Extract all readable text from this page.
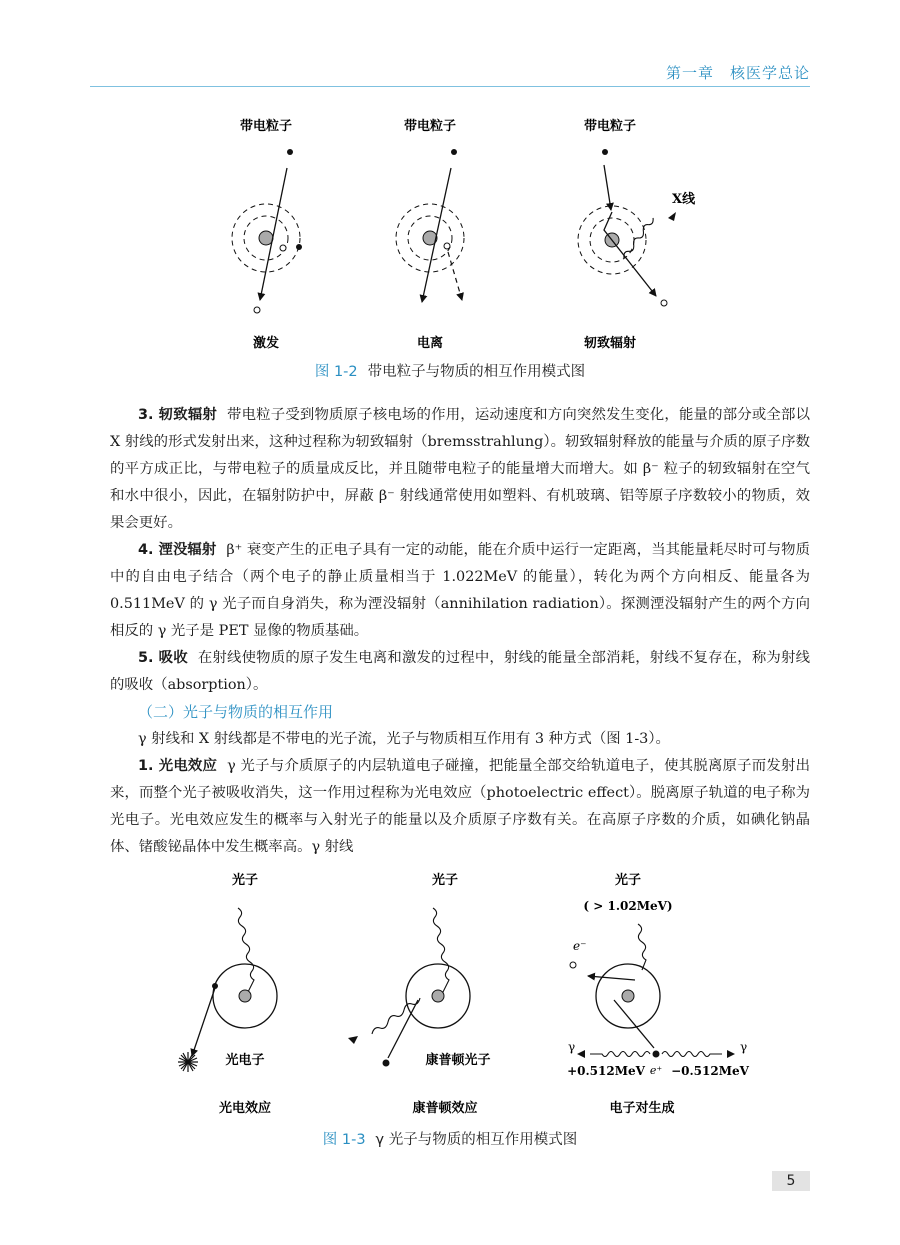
第一章　核医学总论
带电粒子
激发
带电粒子
电离
带电粒子
X线
轫致辐射
图 1-2 带电粒子与物质的相互作用模式图

3. 轫致辐射 带电粒子受到物质原子核电场的作用，运动速度和方向突然发生变化，能量的部分或全部以 X 射线的形式发射出来，这种过程称为轫致辐射（bremsstrahlung）。轫致辐射释放的能量与介质的原子序数的平方成正比，与带电粒子的质量成反比，并且随带电粒子的能量增大而增大。如 β⁻ 粒子的轫致辐射在空气和水中很小，因此，在辐射防护中，屏蔽 β⁻ 射线通常使用如塑料、有机玻璃、铝等原子序数较小的物质，效果会更好。

4. 湮没辐射 β⁺ 衰变产生的正电子具有一定的动能，能在介质中运行一定距离，当其能量耗尽时可与物质中的自由电子结合（两个电子的静止质量相当于 1.022MeV 的能量），转化为两个方向相反、能量各为 0.511MeV 的 γ 光子而自身消失，称为湮没辐射（annihilation radiation）。探测湮没辐射产生的两个方向相反的 γ 光子是 PET 显像的物质基础。

5. 吸收 在射线使物质的原子发生电离和激发的过程中，射线的能量全部消耗，射线不复存在，称为射线的吸收（absorption）。

（二）光子与物质的相互作用

γ 射线和 X 射线都是不带电的光子流，光子与物质相互作用有 3 种方式（图 1-3）。

1. 光电效应 γ 光子与介质原子的内层轨道电子碰撞，把能量全部交给轨道电子，使其脱离原子而发射出来，而整个光子被吸收消失，这一作用过程称为光电效应（photoelectric effect）。脱离原子轨道的电子称为光电子。光电效应发生的概率与入射光子的能量以及介质原子序数有关。在高原子序数的介质，如碘化钠晶体、锗酸铋晶体中发生概率高。γ 射线

光子
光电子
光电效应
光子
康普顿光子
康普顿效应
光子
( > 1.02MeV)
e⁻
γ	γ
+0.512MeV e⁺ −0.512MeV
电子对生成
图 1-3 γ 光子与物质的相互作用模式图
5
